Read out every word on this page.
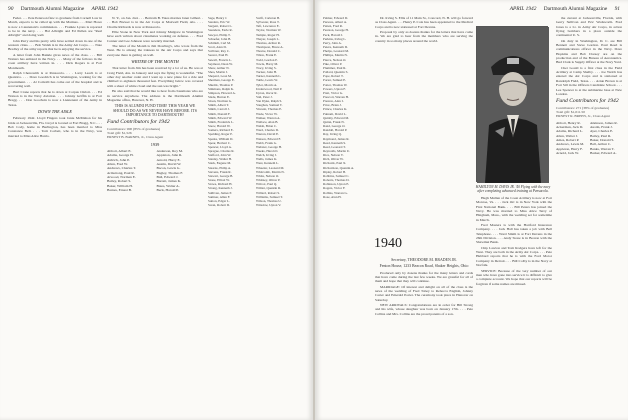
90 Dartmouth Alumni Magazine APRIL 1942

Feder. . . . Pete Peterson flew to graduate from Cornell Law in March, expects to be called up with the Marines. . . . Mart Howe is now a Lieutenant's commission. . . . Frankie Lyons is reported to be in the navy. . . . Hal Albright and Ed Pullen are "Real Albright" and doing well.

John Perry and his pretty wife have settled down in one of the western cities. . . . Bob Walsh is in the Army Air Corps. . . . Nate Bradley of the army reports that he is enjoying the service.

A letter from John Bankle gives news of the class. . . . Bill Watters has enlisted in the Navy. . . . Many of the fellows in the coast artillery have written in. . . . Dick Rogers is at Fort Monmouth.

Ralph Chenowith is at Pensacola. . . . Larry Leach is at Quantico. . . . Dave Goodrich is in Washington, working for the government. . . . Al Comolli has come out of the hospital and is recovering well.

Burt Crane reports that he is down at Corpus Christi. . . . Ed Watson is in the Navy Aviation. . . . Johnny Griffin is at Fort Bragg. . . . Don Goodwin is now a Lieutenant of the Army in Texas.

DOWN THE AISLE

February 1942. Lloyd Fingers took Janie McMahon for his bride at Jacksonville, Fla. Lloyd is located at Fort Bragg, N.C. . . . Bob Cody, home in Burlington, has been married to Miss Constance Bell. . . . Tom Corbett, who is in the Navy, was married to Miss Alice Harris.

N. Y., on Jan. 2nd. . . . Bertram B. Yates marries Janet Gilbert. . . . Bob Brewer is in the Air Corps at Maxwell Field, Ala. . . . Charlie Richards is now at Pensacola.

Ellie Stone in New York and Johnny Mulgrew in Washington have each written about classmates working on defense. . . . Fred Conner and Lee Johnson were recently married.

The letter of the Month is Jim Dowling's, who wrote from the West. He is among the trainees in the Air Corps and says that everyone there is getting on well.

WRITER OF THE MONTH

That letter from Jim has been received by a lot of us. He was at Craig Field, Ala. in January and says the flying is wonderful. "The other day another cadet and I went up a new plane for a ride and climbed to eighteen thousand feet. Everything below was covered with a sheet of white cloud and the sun was bright."

He also said that he would like to hear from classmates who are in service anywhere. The address is the Dartmouth Alumni Magazine office, Hanover, N. H.

THIS IS ALUMNI FUND TIME! THIS YEAR WE SHOULD DO AS WE NEVER HAVE BEFORE. ITS IMPORTANCE TO DARTMOUTH!
Fund Contributors for 1942
Contributors: 900 (85% of graduates)
Total gift: $1,526
ERNEST B. BARNES, Jr., Class Agent
1939
Abbott, Albert E.
Adams, George H.
Aldrich, John P.
Allen, Fred W.
Andrews, Charles T.
Armstrong, Paul R.
Atwood, Norman E.
Bailey, Robert S.
Baker, William H.
Barnes, Ernest B.
Anderson, Roy M.
Appleton, John R.
Arnold, Harry E.
Austin, David W.
Bacon, Lewis G.
Bagley, Thomas F.
Ball, Edward J.
Barrett, James K.
Bates, Walter A.
Beck, Harold P.
Sage, Henry J.
Sanders, Eric W.
Sargent, Robert L.
Saunders, Earle R.
Sawyer, Philip T.
Schaefer, John B.
Schmidt, Carl M.
Scott, Alan D.
Scribner, Ray C.
Seaver, Paul H.
Sewall, Francis L.
Seymour, Dean W.
Shaw, Arthur N.
Shea, Martin J.
Shepard, Leon M.
Sherman, George E.
Shields, Thomas P.
Simmons, Ralph K.
Simpson, Howard A.
Slade, Burton E.
Sloan, Norman G.
Smith, Albert T.
Smith, Carroll J.
Smith, Donald F.
Smith, Edward W.
Smith, Frederick L.
Snow, Harold W.
Somers, Richard E.
Spalding, Roger P.
Sparks, William D.
Spear, Herbert C.
Spencer, Lloyd A.
Sprague, Charles R.
Stafford, John W.
Stanley, Walter H.
Stark, Eugene M.
Stearns, Philip A.
Stevens, Frank R.
Stewart, George B.
Stone, Elliott W.
Stowe, Richard H.
Strong, Kenneth J.
Sullivan, James P.
Sumner, Allen F.
Sutton, Edgar L.
Swan, Robert D.
Swift, Carleton B.
Sylvester, Ross T.
Taft, Lawrence E.
Taylor, Norman W.
Temple, Roger H.
Thayer, Joseph L.
Thomas, Arthur R.
Thompson, Bruce A.
Thorne, Donald C.
Tilton, Frank E.
Todd, Gordon P.
Towle, Harry M.
Tracy, Irving S.
Tucker, John H.
Turner, Kenneth L.
Tuttle, Lewis W.
Tyler, Morris A.
Underwood, Neil P.
Upton, Oscar R.
Vail, Peter J.
Van Dyke, Ralph S.
Vaughan, Samuel T.
Vincent, Thomas E.
Wade, Victor W.
Walker, Warren A.
Wallace, Alan B.
Walsh, Brian C.
Ward, Charles D.
Warren, David E.
Watson, Edward F.
Webb, Frank G.
Webster, George H.
Weeks, Harold I.
Welch, Irving J.
Wells, James K.
West, Kenneth L.
Wheeler, Leonard M.
Whitcomb, Martin N.
White, Nelson O.
Whitney, Oliver P.
Wilcox, Paul Q.
Wilder, Quentin R.
Willard, Robert S.
Williams, Samuel T.
Wilson, Thomas U.
Winslow, Upton V.
APRIL 1942 Dartmouth Alumni Magazine 91
Palmer, Edward D.
Parsons, Albert A.
Patten, Fred R.
Pearson, George H.
Peck, Harold J.
Perkins, Irving L.
Perry, John A.
Peters, Kenneth D.
Phelps, Leonard M.
Phillips, Martin N.
Pierce, Nelson O.
Pike, Oliver P.
Plummer, Paul R.
Pollard, Quentin S.
Pope, Robert T.
Porter, Samuel E.
Potter, Thomas W.
Powers, Upton F.
Pratt, Victor G.
Prescott, Warren H.
Preston, Alan I.
Price, Brian J.
Prince, Charles K.
Putnam, David L.
Quinby, Edward M.
Quinn, Frank N.
Rand, George O.
Randall, Harold P.
Ray, Irving Q.
Raymond, James R.
Read, Kenneth S.
Reed, Leonard T.
Reynolds, Martin U.
Rice, Nelson V.
Rich, Oliver W.
Richards, Paul X.
Richardson, Quentin A.
Ripley, Robert B.
Robbins, Samuel C.
Roberts, Thomas D.
Robinson, Upton E.
Rogers, Victor F.
Rollins, Warren G.
Rose, Alan H.

Dr. Irving S. Ellis of 11 Main St., Concord, N. H. will go forward as Class Agent. . . . Henry P. Cole has been appointed to the Medical Corps and is now stationed at Fort Devens.

Proposal by only as dozens thanks for the letters that have come in. We are glad to hear from the members who are serving the country in so many places around the world.

HAMILTON M. DAVIS JR. '40 Flying with the navy after completing advanced training at Pensacola.
1940
Secretary, THEODORE M. BRADEN JR.
Fenton House, 1233 Beacon Road, Shaker Heights, Ohio

Produced only by dozens thanks for the many letters and cards that have come during the last few weeks. We are grateful for all of them and hope that they will continue.

MARRIAGE: Of interest and delight on all of the class is the news of the wedding of Fred Tobey to Rebecca English, Johnny Carter and Emerald Porter. The ceremony took place in Hanover on Saturday.

NEW ARRIVALS: Congratulations are in order for Bill Strong and his wife, whose daughter was born on January 17th. . . . Pete Collins and Mrs. Collins are the proud parents of a son.

Hugh Mullen of the Coast Artillery is now at Fort Monroe, Va. . . . Jack Orr is in New York with the First National Bank. . . . Bill Peters has joined the Navy. He was married to Miss Alice Terry of Hingham, Mass., with the wedding set for sometime in March.

Fred Masters is with the Hartford Insurance Company. . . . Jack Hall has taken a job with Bell Telephone. . . . Ward Smith is at Fort Devens in the 26th Division. . . . Andy Stone is in Boston with the Shawmut Bank.

Chip Lawton and Tom Rodgers have left for the West. They are both in the Army Air Corps. . . . Pete Hubbard reports that he is with the Ford Motor Company in Detroit. . . . Bill Colby is in the Navy at Norfolk.

SERVICE: Because of the very number of our men who have gone into service it is difficult to give a complete account. We hope that our reports will be forgiven if some names are missed.

the current at Jacksonville, Florida, with Gerry Sullivan and Eric Wadsworth. Fred Jones is a Lt. in Army Air Corps, in action flying bombers in a place outside the continental U. S.

On duty in Washington, D. C. are Bill Bennett and Steve Gordon. Paul Reed is communications officer in the Navy. Dave Hopkins and Bob Dorsey are on the production end of the Bureau of Aeronautics. Bud Clark is Supply Officer at the Navy Yard.

Chet Gould is a first class in the Field Artillery at Camp Shelby. . . . Joe Welch has entered the Air Corps and is stationed at Randolph Field, Texas. . . . Arnie Brown is at Fort Sill in the Officers Candidate School. . . . Lee Spencer is at the submarine base at New London.

Fund Contributors for 1942
Contributors: 271 (38% of graduates)
Total gift: $1,011.50
ERNEST R. BREEN, Jr., Class Agent
Abbott, Henry R.
Ackerman, Jack D.
Adams, Richard L.
Allen, Walter J.
Ames, Robert P.
Andrews, Lewis M.
Appleton, Harry F.
Arnold, Jack W.
Atkinson, James R.
Austin, Frank J.
Ayer, Charles E.
Bailey, Paul R.
Baker, Donald S.
Ball, Arthur C.
Banks, Warren T.
Barker, Edward A.
